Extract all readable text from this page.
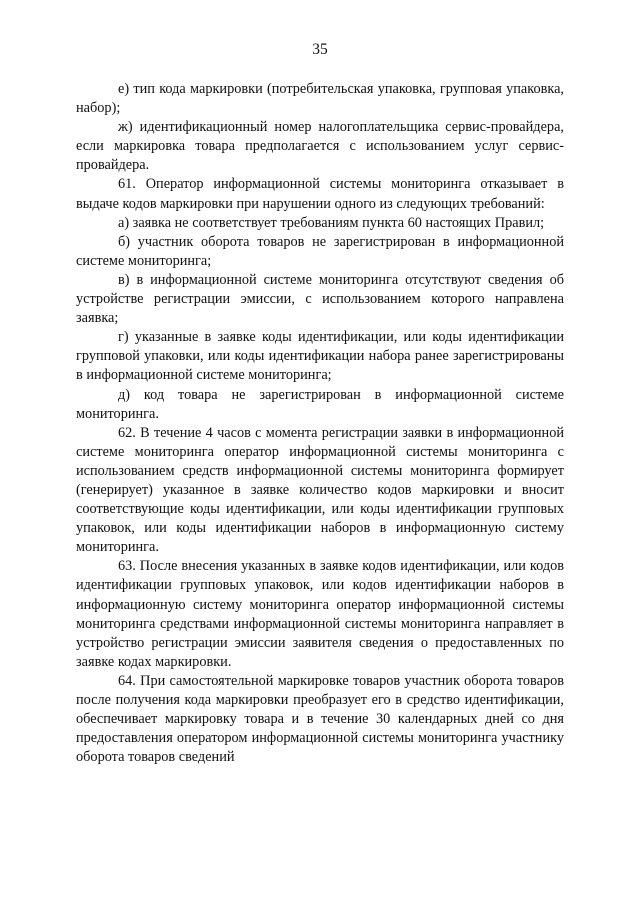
35

е) тип кода маркировки (потребительская упаковка, групповая упаковка, набор);

ж) идентификационный номер налогоплательщика сервис-провайдера, если маркировка товара предполагается с использованием услуг сервис-провайдера.

61. Оператор информационной системы мониторинга отказывает в выдаче кодов маркировки при нарушении одного из следующих требований:

а) заявка не соответствует требованиям пункта 60 настоящих Правил;

б) участник оборота товаров не зарегистрирован в информационной системе мониторинга;

в) в информационной системе мониторинга отсутствуют сведения об устройстве регистрации эмиссии, с использованием которого направлена заявка;

г) указанные в заявке коды идентификации, или коды идентификации групповой упаковки, или коды идентификации набора ранее зарегистрированы в информационной системе мониторинга;

д) код товара не зарегистрирован в информационной системе мониторинга.

62. В течение 4 часов с момента регистрации заявки в информационной системе мониторинга оператор информационной системы мониторинга с использованием средств информационной системы мониторинга формирует (генерирует) указанное в заявке количество кодов маркировки и вносит соответствующие коды идентификации, или коды идентификации групповых упаковок, или коды идентификации наборов в информационную систему мониторинга.

63. После внесения указанных в заявке кодов идентификации, или кодов идентификации групповых упаковок, или кодов идентификации наборов в информационную систему мониторинга оператор информационной системы мониторинга средствами информационной системы мониторинга направляет в устройство регистрации эмиссии заявителя сведения о предоставленных по заявке кодах маркировки.

64. При самостоятельной маркировке товаров участник оборота товаров после получения кода маркировки преобразует его в средство идентификации, обеспечивает маркировку товара и в течение 30 календарных дней со дня предоставления оператором информационной системы мониторинга участнику оборота товаров сведений
